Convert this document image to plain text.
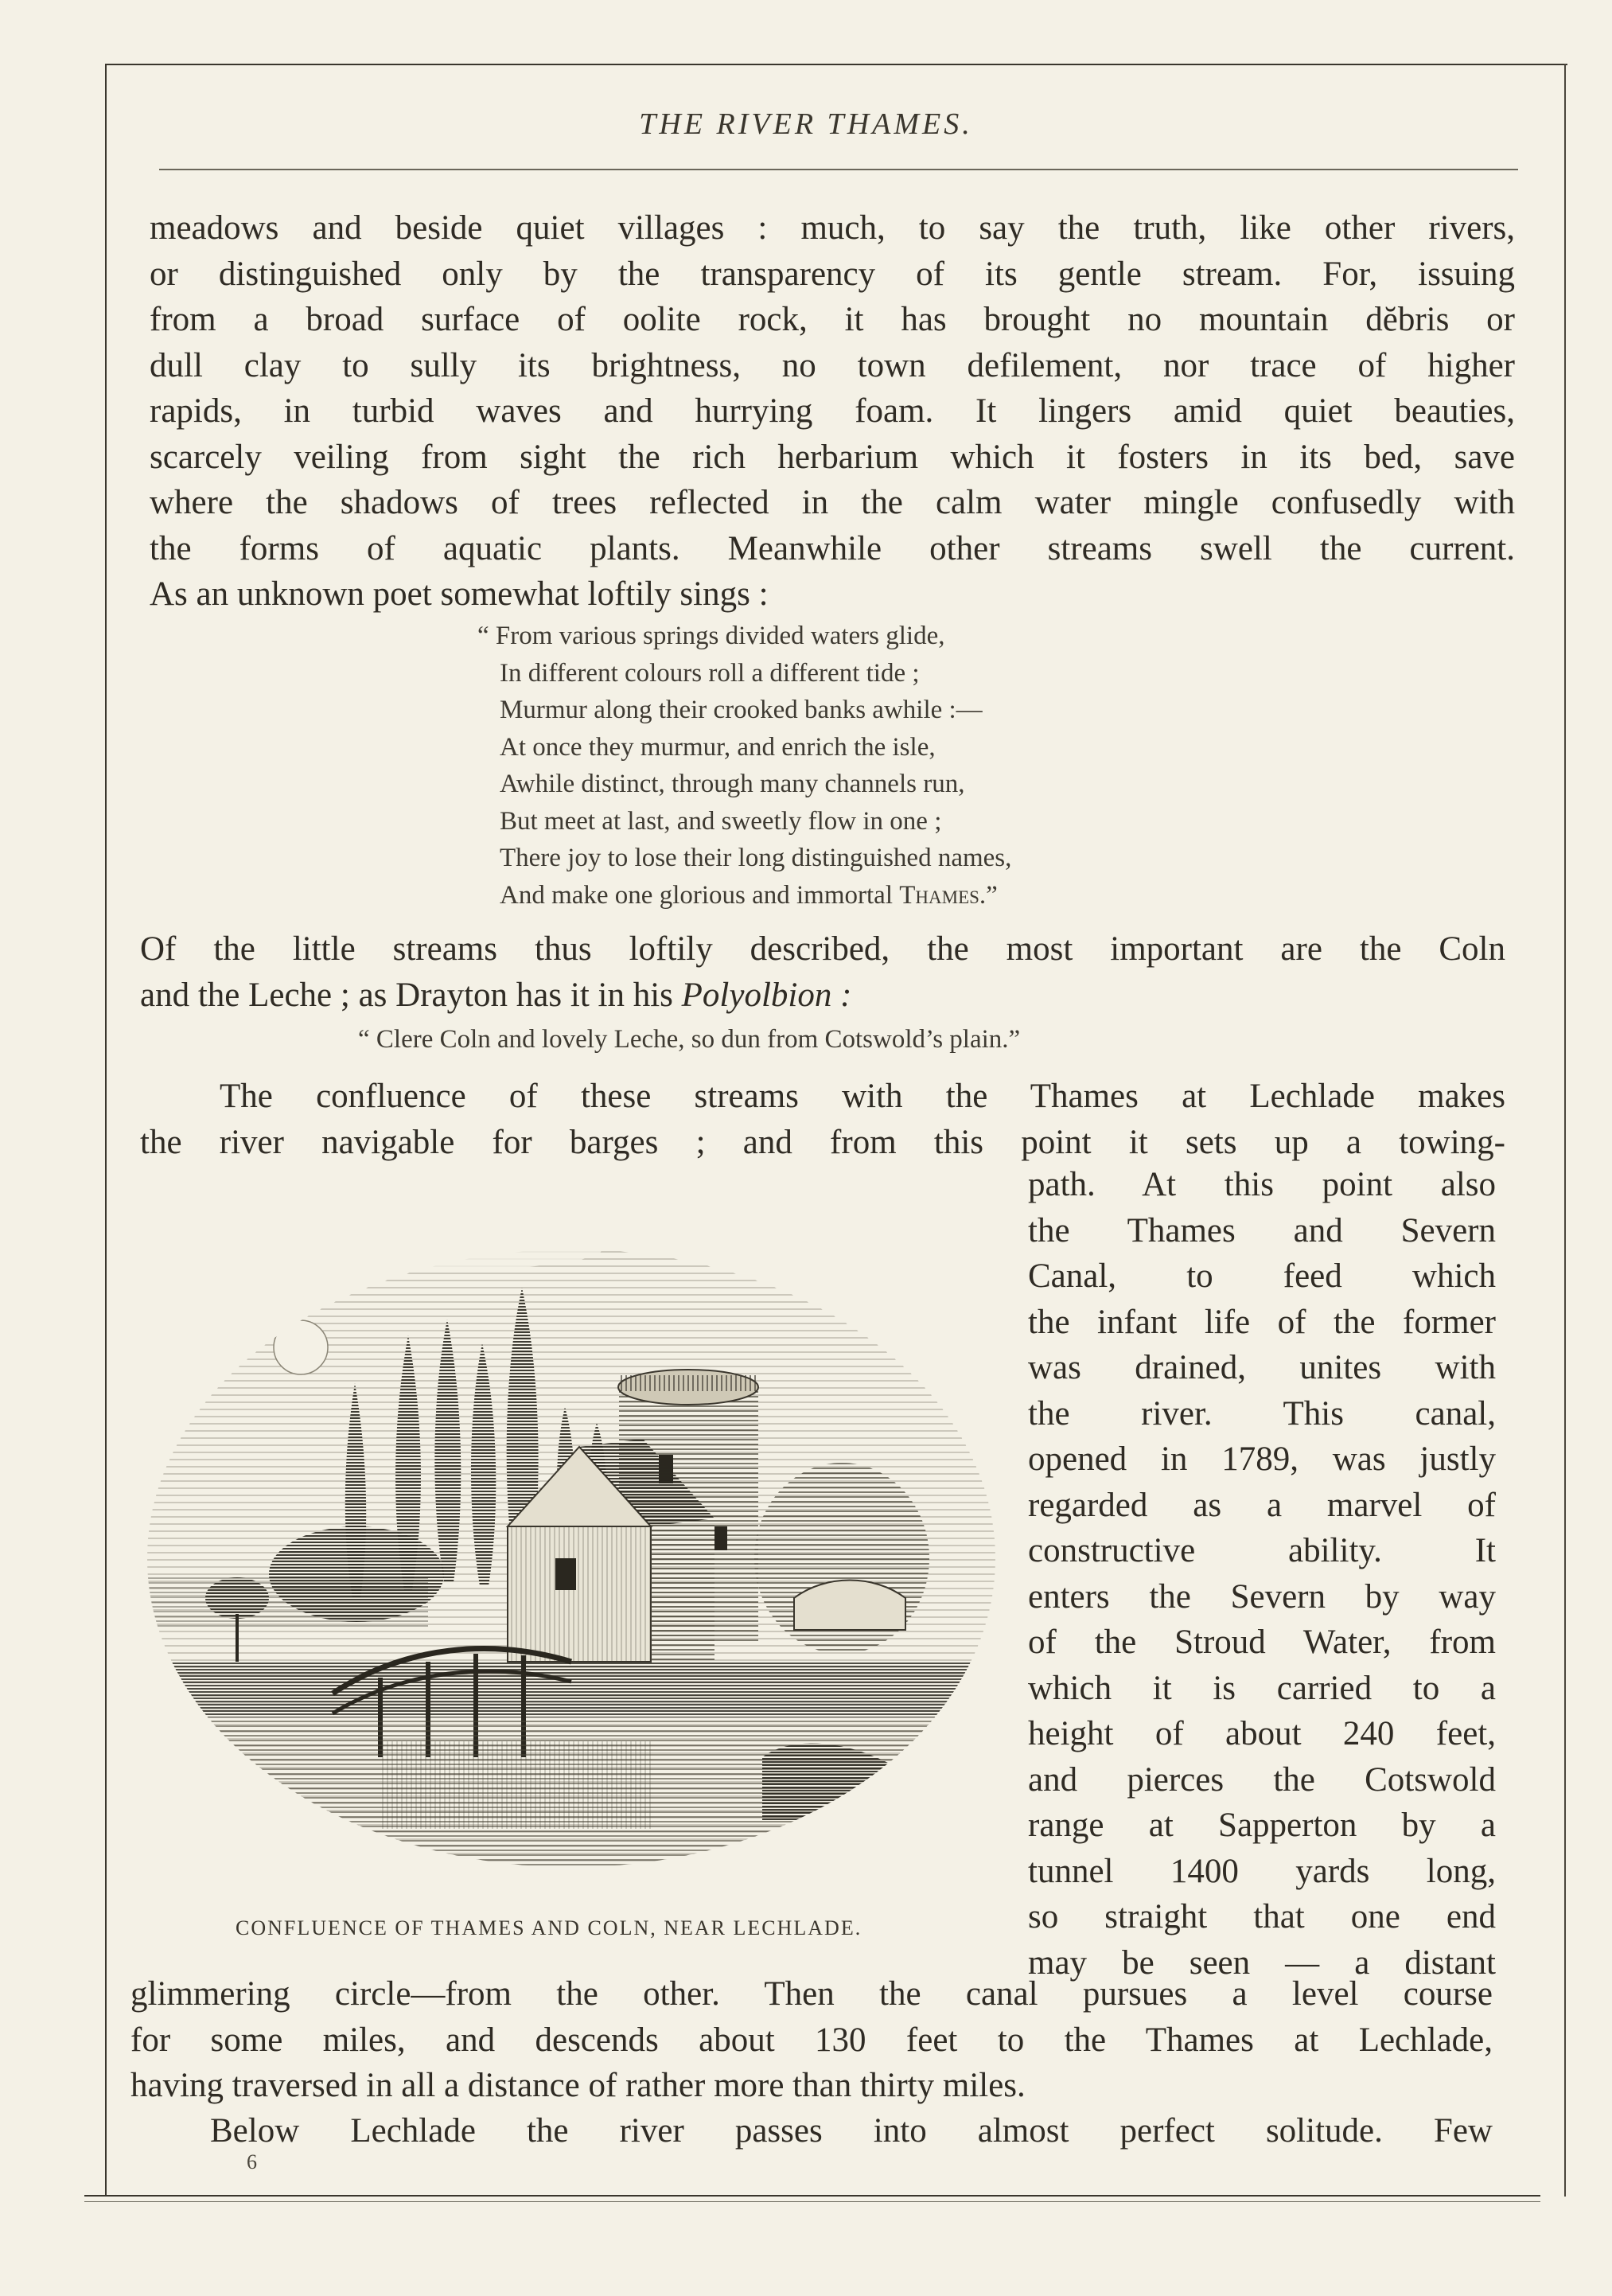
THE RIVER THAMES.
meadows and beside quiet villages : much, to say the truth, like other rivers,
or distinguished only by the transparency of its gentle stream. For, issuing
from a broad surface of oolite rock, it has brought no mountain dĕbris or
dull clay to sully its brightness, no town defilement, nor trace of higher
rapids, in turbid waves and hurrying foam. It lingers amid quiet beauties,
scarcely veiling from sight the rich herbarium which it fosters in its bed, save
where the shadows of trees reflected in the calm water mingle confusedly with
the forms of aquatic plants. Meanwhile other streams swell the current.
As an unknown poet somewhat loftily sings :
“ From various springs divided waters glide,
In different colours roll a different tide ;
Murmur along their crooked banks awhile :—
At once they murmur, and enrich the isle,
Awhile distinct, through many channels run,
But meet at last, and sweetly flow in one ;
There joy to lose their long distinguished names,
And make one glorious and immortal Thames.”
Of the little streams thus loftily described, the most important are the Coln
and the Leche ; as Drayton has it in his Polyolbion :
“ Clere Coln and lovely Leche, so dun from Cotswold’s plain.”
The confluence of these streams with the Thames at Lechlade makes
the river navigable for barges ; and from this point it sets up a towing-
path. At this point also
the Thames and Severn
Canal, to feed which
the infant life of the former
was drained, unites with
the river. This canal,
opened in 1789, was justly
regarded as a marvel of
constructive ability. It
enters the Severn by way
of the Stroud Water, from
which it is carried to a
height of about 240 feet,
and pierces the Cotswold
range at Sapperton by a
tunnel 1400 yards long,
so straight that one end
may be seen — a distant
CONFLUENCE OF THAMES AND COLN, NEAR LECHLADE.
glimmering circle—from the other. Then the canal pursues a level course
for some miles, and descends about 130 feet to the Thames at Lechlade,
having traversed in all a distance of rather more than thirty miles.
Below Lechlade the river passes into almost perfect solitude. Few
6
